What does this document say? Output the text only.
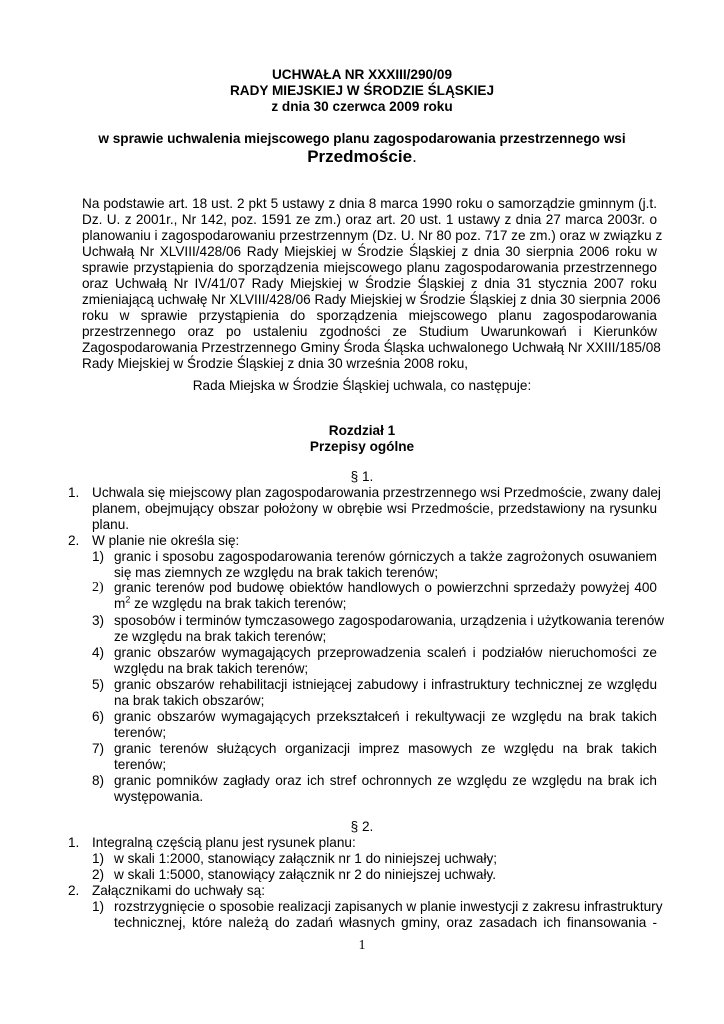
UCHWAŁA NR XXXIII/290/09
RADY MIEJSKIEJ W ŚRODZIE ŚLĄSKIEJ
z dnia 30 czerwca 2009 roku
w sprawie uchwalenia miejscowego planu zagospodarowania przestrzennego wsi
Przedmoście.
Na podstawie art. 18 ust. 2 pkt 5 ustawy z dnia 8 marca 1990 roku o samorządzie gminnym (j.t.
Dz. U. z 2001r., Nr 142, poz. 1591 ze zm.) oraz art. 20 ust. 1 ustawy z dnia 27 marca 2003r. o
planowaniu i zagospodarowaniu przestrzennym (Dz. U. Nr 80 poz. 717 ze zm.) oraz w związku z
Uchwałą Nr XLVIII/428/06 Rady Miejskiej w Środzie Śląskiej z dnia 30 sierpnia 2006 roku w
sprawie przystąpienia do sporządzenia miejscowego planu zagospodarowania przestrzennego
oraz Uchwałą Nr IV/41/07 Rady Miejskiej w Środzie Śląskiej z dnia 31 stycznia 2007 roku
zmieniającą uchwałę Nr XLVIII/428/06 Rady Miejskiej w Środzie Śląskiej z dnia 30 sierpnia 2006
roku w sprawie przystąpienia do sporządzenia miejscowego planu zagospodarowania
przestrzennego oraz po ustaleniu zgodności ze Studium Uwarunkowań i Kierunków
Zagospodarowania Przestrzennego Gminy Środa Śląska uchwalonego Uchwałą Nr XXIII/185/08
Rady Miejskiej w Środzie Śląskiej z dnia 30 września 2008 roku,
Rada Miejska w Środzie Śląskiej uchwala, co następuje:
Rozdział 1
Przepisy ogólne
§ 1.
1. Uchwala się miejscowy plan zagospodarowania przestrzennego wsi Przedmoście, zwany dalej
planem, obejmujący obszar położony w obrębie wsi Przedmoście, przedstawiony na rysunku
planu.
2. W planie nie określa się:
1) granic i sposobu zagospodarowania terenów górniczych a także zagrożonych osuwaniem
się mas ziemnych ze względu na brak takich terenów;
2) granic terenów pod budowę obiektów handlowych o powierzchni sprzedaży powyżej 400
$m^2$ ze względu na brak takich terenów;
3) sposobów i terminów tymczasowego zagospodarowania, urządzenia i użytkowania terenów
ze względu na brak takich terenów;
4) granic obszarów wymagających przeprowadzenia scaleń i podziałów nieruchomości ze
względu na brak takich terenów;
5) granic obszarów rehabilitacji istniejącej zabudowy i infrastruktury technicznej ze względu
na brak takich obszarów;
6) granic obszarów wymagających przekształceń i rekultywacji ze względu na brak takich
terenów;
7) granic terenów służących organizacji imprez masowych ze względu na brak takich
terenów;
8) granic pomników zagłady oraz ich stref ochronnych ze względu ze względu na brak ich
występowania.
§ 2.
1. Integralną częścią planu jest rysunek planu:
1) w skali 1:2000, stanowiący załącznik nr 1 do niniejszej uchwały;
2) w skali 1:5000, stanowiący załącznik nr 2 do niniejszej uchwały.
2. Załącznikami do uchwały są:
1) rozstrzygnięcie o sposobie realizacji zapisanych w planie inwestycji z zakresu infrastruktury
technicznej, które należą do zadań własnych gminy, oraz zasadach ich finansowania -
1
